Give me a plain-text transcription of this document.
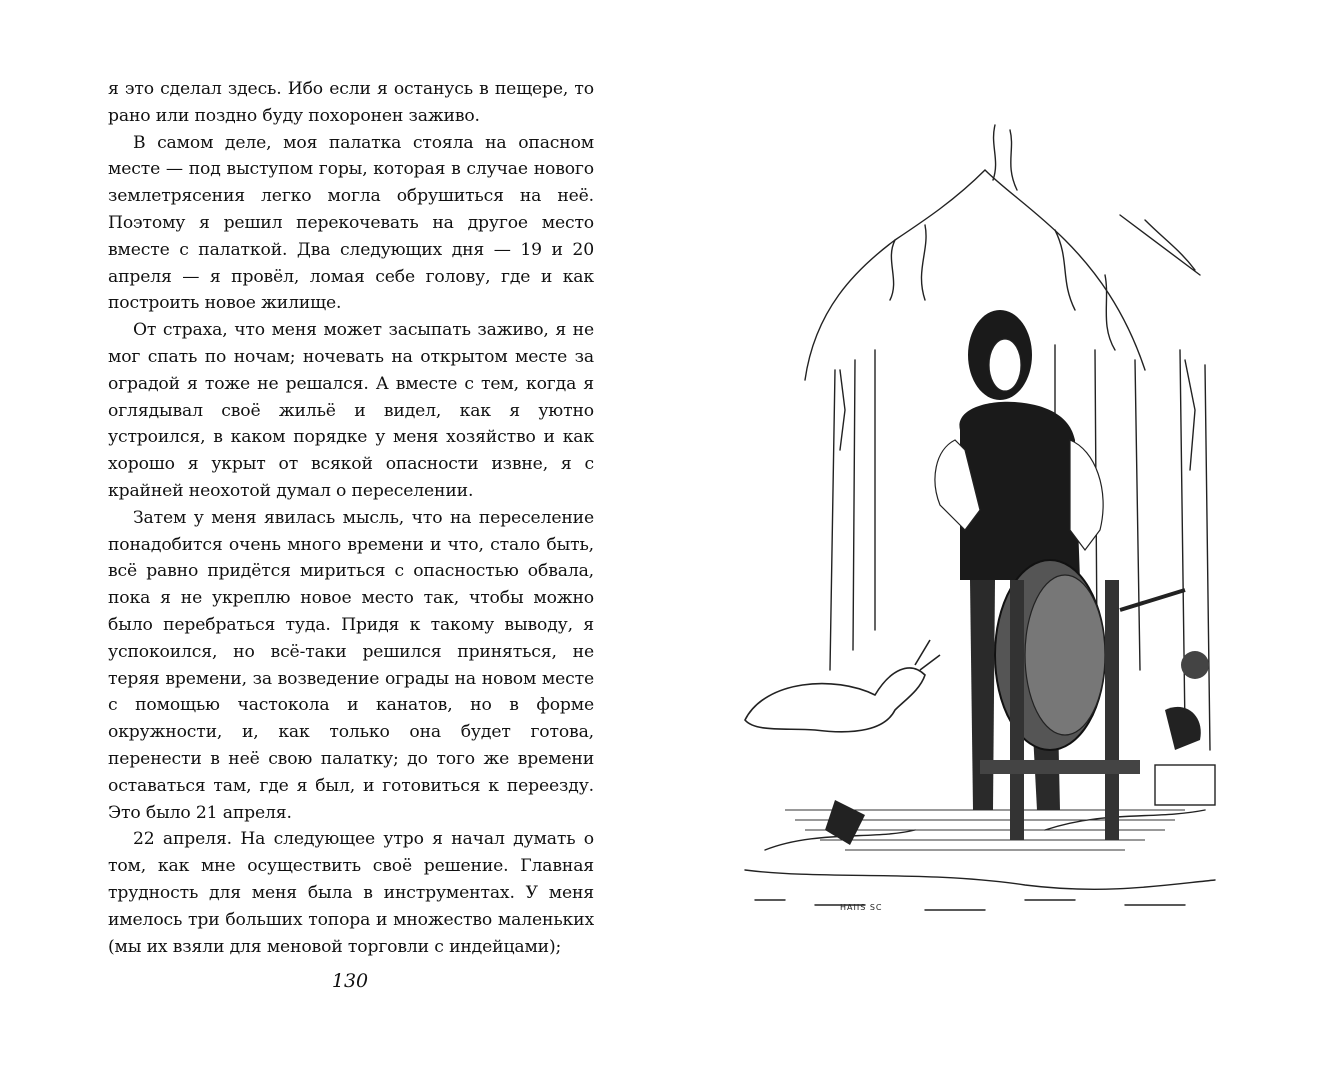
я это сделал здесь. Ибо если я останусь в пещере, то рано или поздно буду похоронен заживо.

В самом деле, моя палатка стояла на опасном месте — под выступом горы, которая в случае нового землетрясения легко могла обрушиться на неё. Поэтому я решил перекочевать на другое место вместе с палаткой. Два следующих дня — 19 и 20 апреля — я провёл, ломая себе голову, где и как построить новое жилище.

От страха, что меня может засыпать заживо, я не мог спать по ночам; ночевать на открытом месте за оградой я тоже не решался. А вместе с тем, когда я оглядывал своё жильё и видел, как я уютно устроился, в каком порядке у меня хозяйство и как хорошо я укрыт от всякой опасности извне, я с крайней неохотой думал о переселении.

Затем у меня явилась мысль, что на переселение понадобится очень много времени и что, стало быть, всё равно придётся мириться с опасностью обвала, пока я не укреплю новое место так, чтобы можно было перебраться туда. Придя к такому выводу, я успокоился, но всё-таки решился приняться, не теряя времени, за возведение ограды на новом месте с помощью частокола и канатов, но в форме окружности, и, как только она будет готова, перенести в неё свою палатку; до того же времени оставаться там, где я был, и готовиться к переезду. Это было 21 апреля.

22 апреля. На следующее утро я начал думать о том, как мне осуществить своё решение. Главная трудность для меня была в инструментах. У меня имелось три больших топора и множество маленьких (мы их взяли для меновой торговли с индейцами);

130
HAIIS SC
